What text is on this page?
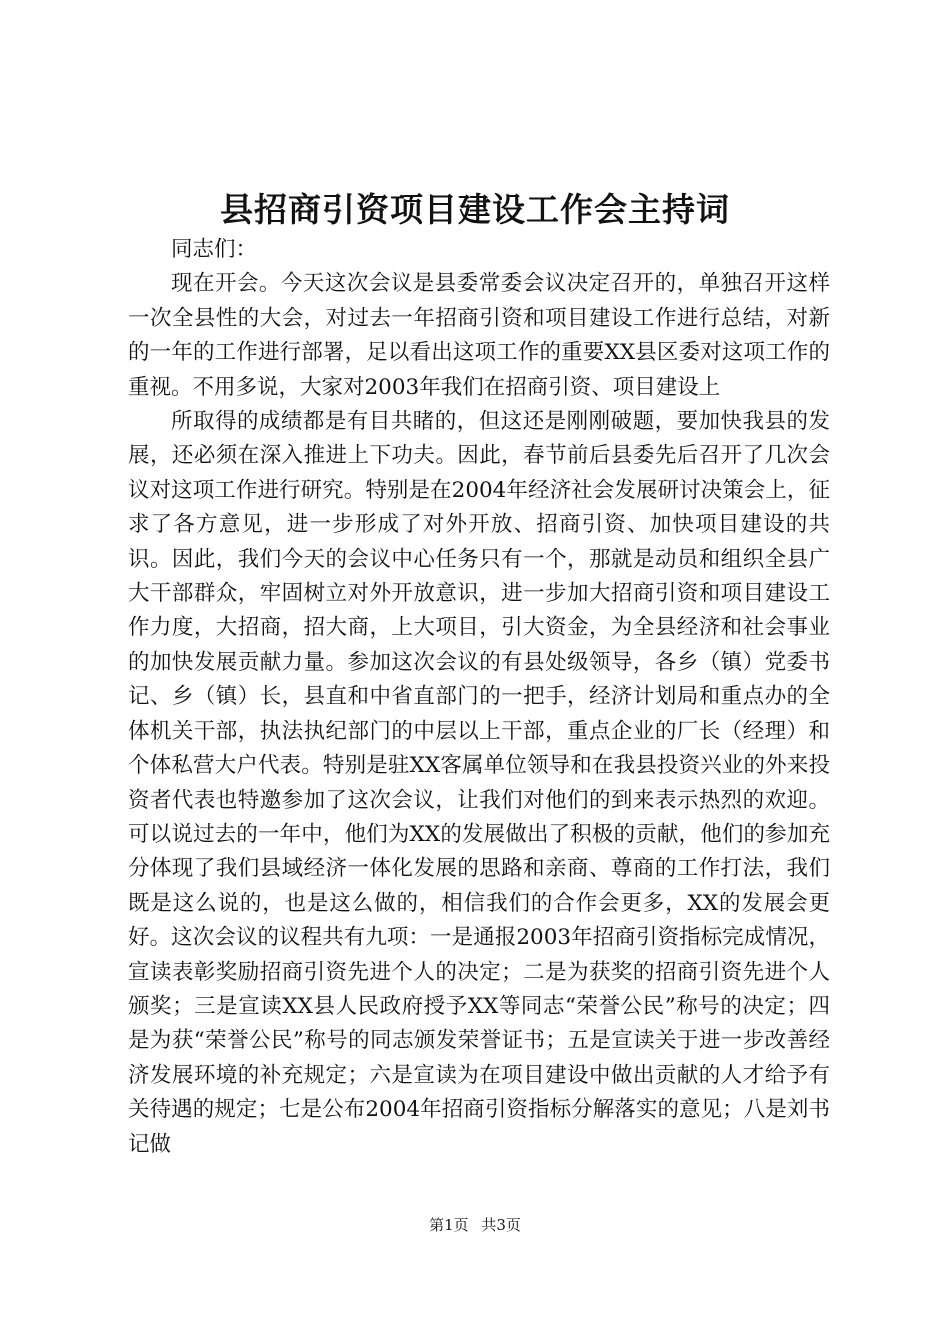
县招商引资项目建设工作会主持词

同志们：

现在开会。今天这次会议是县委常委会议决定召开的，单独召开这样一次全县性的大会，对过去一年招商引资和项目建设工作进行总结，对新的一年的工作进行部署，足以看出这项工作的重要XX县区委对这项工作的重视。不用多说，大家对2003年我们在招商引资、项目建设上

所取得的成绩都是有目共睹的，但这还是刚刚破题，要加快我县的发展，还必须在深入推进上下功夫。因此，春节前后县委先后召开了几次会议对这项工作进行研究。特别是在2004年经济社会发展研讨决策会上，征求了各方意见，进一步形成了对外开放、招商引资、加快项目建设的共识。因此，我们今天的会议中心任务只有一个，那就是动员和组织全县广大干部群众，牢固树立对外开放意识，进一步加大招商引资和项目建设工作力度，大招商，招大商，上大项目，引大资金，为全县经济和社会事业的加快发展贡献力量。参加这次会议的有县处级领导，各乡（镇）党委书记、乡（镇）长，县直和中省直部门的一把手，经济计划局和重点办的全体机关干部，执法执纪部门的中层以上干部，重点企业的厂长（经理）和个体私营大户代表。特别是驻XX客属单位领导和在我县投资兴业的外来投资者代表也特邀参加了这次会议，让我们对他们的到来表示热烈的欢迎。可以说过去的一年中，他们为XX的发展做出了积极的贡献，他们的参加充分体现了我们县域经济一体化发展的思路和亲商、尊商的工作打法，我们既是这么说的，也是这么做的，相信我们的合作会更多，XX的发展会更好。这次会议的议程共有九项：一是通报2003年招商引资指标完成情况，宣读表彰奖励招商引资先进个人的决定；二是为获奖的招商引资先进个人颁奖；三是宣读XX县人民政府授予XX等同志“荣誉公民”称号的决定；四是为获“荣誉公民”称号的同志颁发荣誉证书；五是宣读关于进一步改善经济发展环境的补充规定；六是宣读为在项目建设中做出贡献的人才给予有关待遇的规定；七是公布2004年招商引资指标分解落实的意见；八是刘书记做

第1页 共3页
